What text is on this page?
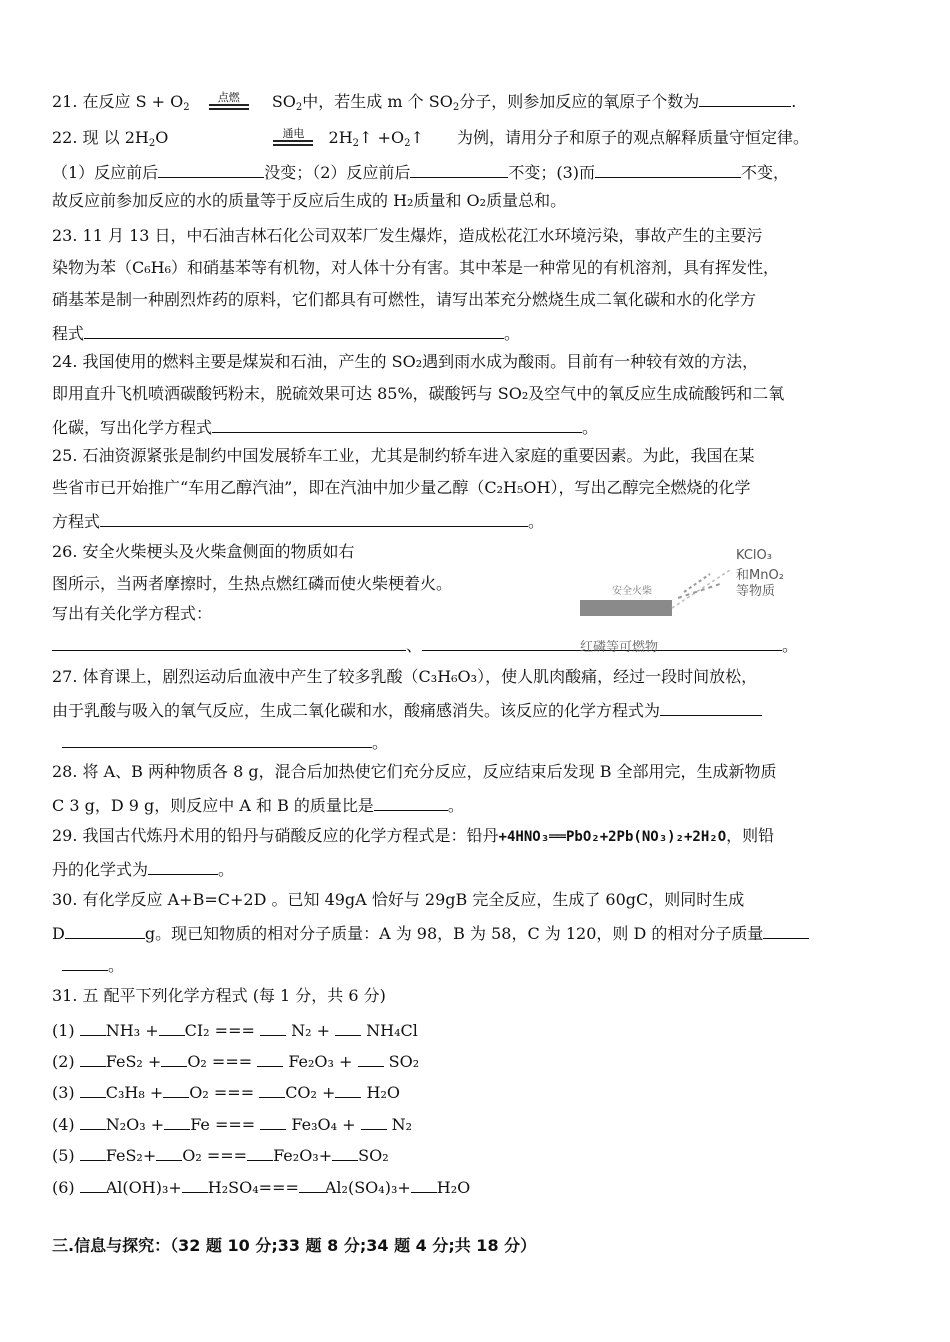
21. 在反应 $S + O_2$
点燃	$SO_2$中，若生成 m 个 $SO_2$分子，则参加反应的氧原子个数为	.
22. 现 以 $2H_2O$	通电	$2H_2↑$ $+O_2↑$ 为例，请用分子和原子的观点解释质量守恒定律。
（1）反应前后	没变；（2）反应前后	不变；(3)而	不变，
故反应前参加反应的水的质量等于反应后生成的 H₂质量和 O₂质量总和。
23. 11 月 13 日，中石油吉林石化公司双苯厂发生爆炸，造成松花江水环境污染，事故产生的主要污
染物为苯（C₆H₆）和硝基苯等有机物，对人体十分有害。其中苯是一种常见的有机溶剂，具有挥发性，
硝基苯是制一种剧烈炸药的原料，它们都具有可燃性，请写出苯充分燃烧生成二氧化碳和水的化学方
程式	。
24. 我国使用的燃料主要是煤炭和石油，产生的 SO₂遇到雨水成为酸雨。目前有一种较有效的方法，
即用直升飞机喷洒碳酸钙粉末，脱硫效果可达 85%，碳酸钙与 SO₂及空气中的氧反应生成硫酸钙和二氧
化碳，写出化学方程式	。
25. 石油资源紧张是制约中国发展轿车工业，尤其是制约轿车进入家庭的重要因素。为此，我国在某
些省市已开始推广“车用乙醇汽油”，即在汽油中加少量乙醇（C₂H₅OH），写出乙醇完全燃烧的化学
方程式	。
26. 安全火柴梗头及火柴盒侧面的物质如右
图所示，当两者摩擦时，生热点燃红磷而使火柴梗着火。
写出有关化学方程式：
、	。
KClO₃
和MnO₂
等物质
安全火柴
红磷等可燃物
27. 体育课上，剧烈运动后血液中产生了较多乳酸（C₃H₆O₃），使人肌肉酸痛，经过一段时间放松，
由于乳酸与吸入的氧气反应，生成二氧化碳和水，酸痛感消失。该反应的化学方程式为
。
28. 将 A、B 两种物质各 8 g，混合后加热使它们充分反应，反应结束后发现 B 全部用完，生成新物质
C 3 g，D 9 g，则反应中 A 和 B 的质量比是	。
29. 我国古代炼丹术用的铅丹与硝酸反应的化学方程式是：铅丹+4HNO₃══PbO₂+2Pb(NO₃)₂+2H₂O，则铅
丹的化学式为	。
30. 有化学反应 A+B=C+2D 。已知 49gA 恰好与 29gB 完全反应，生成了 60gC，则同时生成
D	g。现已知物质的相对分子质量：A 为 98，B 为 58，C 为 120，则 D 的相对分子质量
。
31. 五 配平下列化学方程式 (每 1 分，共 6 分)
(1) NH₃ + CI₂ ===  N₂ +  NH₄Cl
(2) FeS₂ + O₂ ===  Fe₂O₃ +  SO₂
(3) C₃H₈ + O₂ === CO₂ + H₂O
(4) N₂O₃ + Fe ===  Fe₃O₄ +  N₂
(5) FeS₂+ O₂ === Fe₂O₃+ SO₂
(6) Al(OH)₃+ H₂SO₄=== Al₂(SO₄)₃+ H₂O
三.信息与探究：（32 题 10 分;33 题 8 分;34 题 4 分;共 18 分）
